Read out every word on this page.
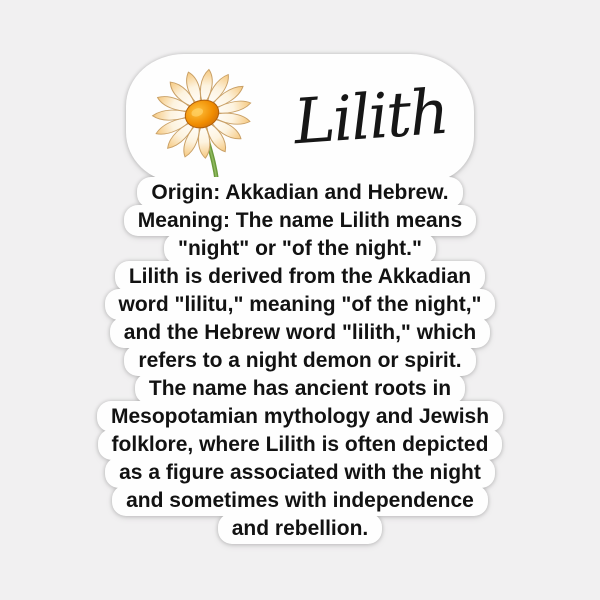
Lilith
Origin: Akkadian and Hebrew.
Meaning: The name Lilith means
"night" or "of the night."
Lilith is derived from the Akkadian
word "lilitu," meaning "of the night,"
and the Hebrew word "lilith," which
refers to a night demon or spirit.
The name has ancient roots in
Mesopotamian mythology and Jewish
folklore, where Lilith is often depicted
as a figure associated with the night
and sometimes with independence
and rebellion.
